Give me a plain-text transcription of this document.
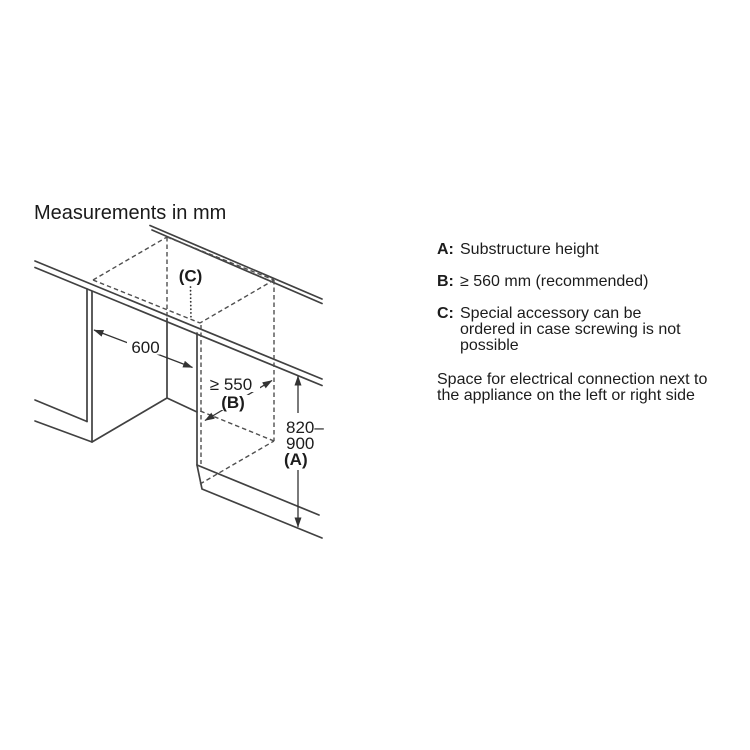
Measurements in mm
(C)
600
≥ 550
(B)
820–
900
(A)
A: Substructure height
B: ≥ 560 mm (recommended)
C: Special accessory can be ordered in case screwing is not possible
Space for electrical connection next to the appliance on the left or right side
